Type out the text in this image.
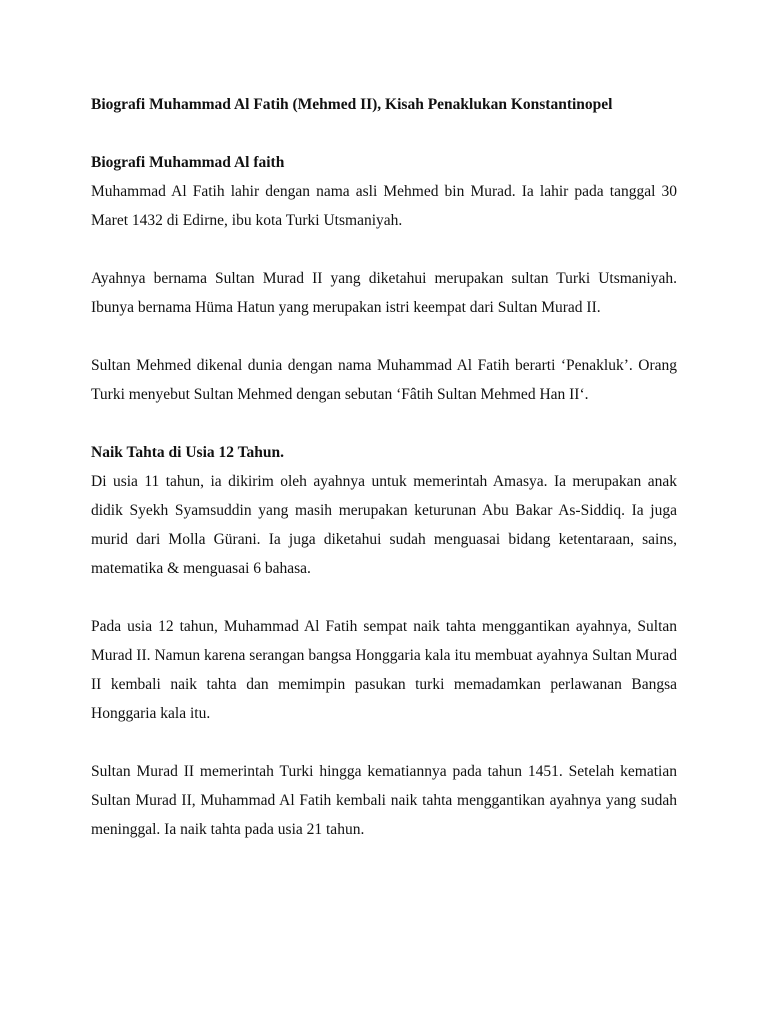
Biografi Muhammad Al Fatih (Mehmed II), Kisah Penaklukan Konstantinopel

Biografi Muhammad Al faith

Muhammad Al Fatih lahir dengan nama asli Mehmed bin Murad. Ia lahir pada tanggal 30 Maret 1432 di Edirne, ibu kota Turki Utsmaniyah.

Ayahnya bernama Sultan Murad II yang diketahui merupakan sultan Turki Utsmaniyah. Ibunya bernama Hüma Hatun yang merupakan istri keempat dari Sultan Murad II.

Sultan Mehmed dikenal dunia dengan nama Muhammad Al Fatih berarti ‘Penakluk’. Orang Turki menyebut Sultan Mehmed dengan sebutan ‘Fâtih Sultan Mehmed Han II‘.

Naik Tahta di Usia 12 Tahun.

Di usia 11 tahun, ia dikirim oleh ayahnya untuk memerintah Amasya. Ia merupakan anak didik Syekh Syamsuddin yang masih merupakan keturunan Abu Bakar As-Siddiq. Ia juga murid dari Molla Gürani. Ia juga diketahui sudah menguasai bidang ketentaraan, sains, matematika & menguasai 6 bahasa.

Pada usia 12 tahun, Muhammad Al Fatih sempat naik tahta menggantikan ayahnya, Sultan Murad II. Namun karena serangan bangsa Honggaria kala itu membuat ayahnya Sultan Murad II kembali naik tahta dan memimpin pasukan turki memadamkan perlawanan Bangsa Honggaria kala itu.

Sultan Murad II memerintah Turki hingga kematiannya pada tahun 1451. Setelah kematian Sultan Murad II, Muhammad Al Fatih kembali naik tahta menggantikan ayahnya yang sudah meninggal. Ia naik tahta pada usia 21 tahun.
